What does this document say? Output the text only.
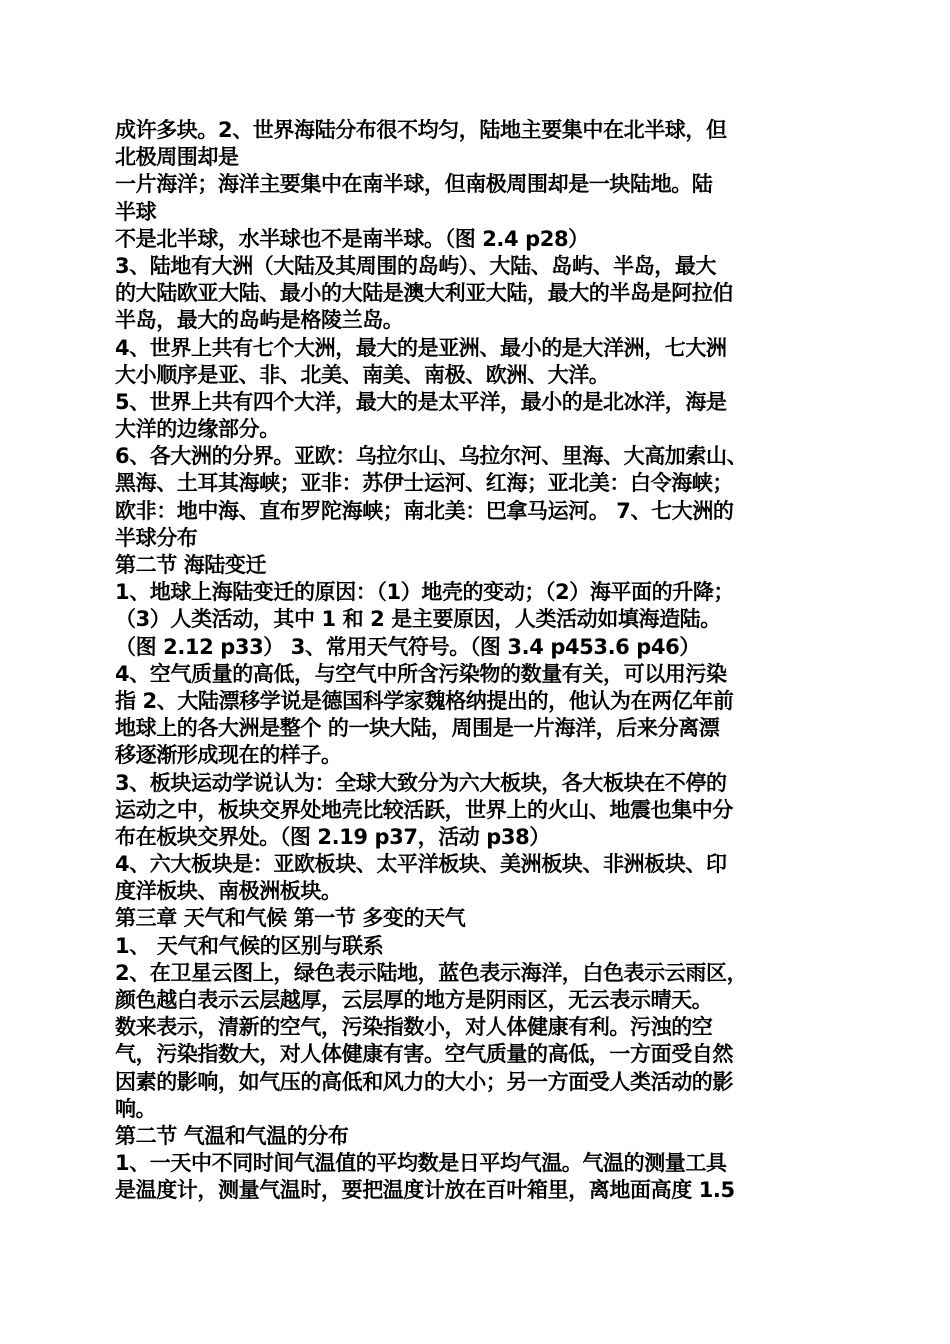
成许多块。2、世界海陆分布很不均匀，陆地主要集中在北半球，但
北极周围却是
一片海洋；海洋主要集中在南半球，但南极周围却是一块陆地。陆
半球
不是北半球，水半球也不是南半球。（图 2.4 p28）
3、陆地有大洲（大陆及其周围的岛屿）、大陆、岛屿、半岛，最大
的大陆欧亚大陆、最小的大陆是澳大利亚大陆，最大的半岛是阿拉伯
半岛，最大的岛屿是格陵兰岛。
4、世界上共有七个大洲，最大的是亚洲、最小的是大洋洲，七大洲
大小顺序是亚、非、北美、南美、南极、欧洲、大洋。
5、世界上共有四个大洋，最大的是太平洋，最小的是北冰洋，海是
大洋的边缘部分。
6、各大洲的分界。亚欧：乌拉尔山、乌拉尔河、里海、大高加索山、
黑海、土耳其海峡；亚非：苏伊士运河、红海；亚北美：白令海峡；
欧非：地中海、直布罗陀海峡；南北美：巴拿马运河。 7、七大洲的
半球分布
第二节 海陆变迁
1、地球上海陆变迁的原因：（1）地壳的变动；（2）海平面的升降；
（3）人类活动，其中 1 和 2 是主要原因，人类活动如填海造陆。
（图 2.12 p33） 3、常用天气符号。（图 3.4 p453.6 p46）
4、空气质量的高低，与空气中所含污染物的数量有关，可以用污染
指 2、大陆漂移学说是德国科学家魏格纳提出的，他认为在两亿年前
地球上的各大洲是整个 的一块大陆，周围是一片海洋，后来分离漂
移逐渐形成现在的样子。
3、板块运动学说认为：全球大致分为六大板块，各大板块在不停的
运动之中，板块交界处地壳比较活跃，世界上的火山、地震也集中分
布在板块交界处。（图 2.19 p37，活动 p38）
4、六大板块是：亚欧板块、太平洋板块、美洲板块、非洲板块、印
度洋板块、南极洲板块。
第三章 天气和气候 第一节 多变的天气
1、 天气和气候的区别与联系
2、在卫星云图上，绿色表示陆地，蓝色表示海洋，白色表示云雨区，
颜色越白表示云层越厚，云层厚的地方是阴雨区，无云表示晴天。
数来表示，清新的空气，污染指数小，对人体健康有利。污浊的空
气，污染指数大，对人体健康有害。空气质量的高低，一方面受自然
因素的影响，如气压的高低和风力的大小；另一方面受人类活动的影
响。
第二节 气温和气温的分布
1、一天中不同时间气温值的平均数是日平均气温。气温的测量工具
是温度计，测量气温时，要把温度计放在百叶箱里，离地面高度 1.5
